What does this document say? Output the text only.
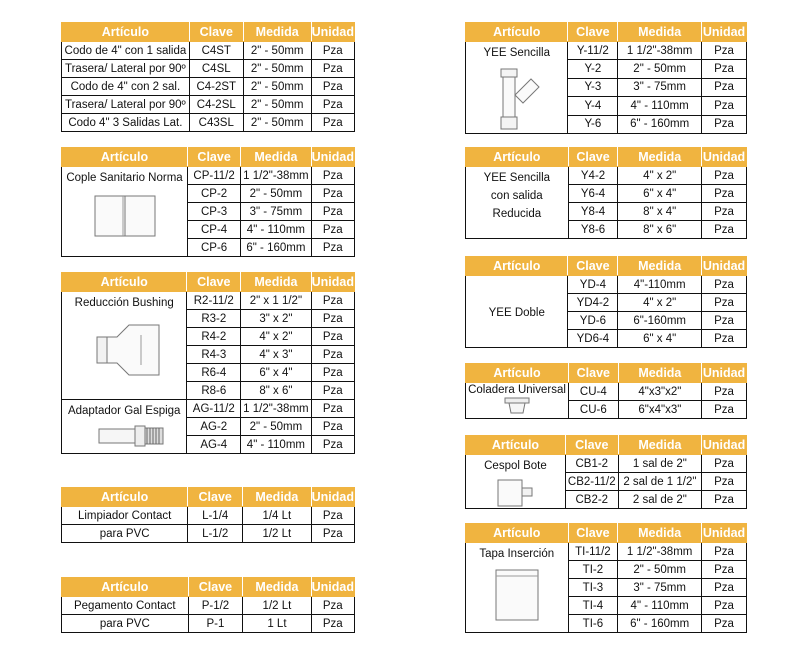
Artículo	Clave	Medida	Unidad
Codo de 4" con 1 salida	C4ST	2" - 50mm	Pza
Trasera/ Lateral por 90º	C4SL	2" - 50mm	Pza
Codo de 4" con 2 sal.	C4-2ST	2" - 50mm	Pza
Trasera/ Lateral por 90º	C4-2SL	2" - 50mm	Pza
Codo 4" 3 Salidas Lat.	C43SL	2" - 50mm	Pza
Artículo	Clave	Medida	Unidad
Cople Sanitario Norma	CP-11/2	1 1/2"-38mm	Pza
	CP-2	2" - 50mm	Pza
	CP-3	3" - 75mm	Pza
	CP-4	4" - 110mm	Pza
	CP-6	6" - 160mm	Pza
Artículo	Clave	Medida	Unidad
Reducción Bushing	R2-11/2	2" x 1 1/2"	Pza
	R3-2	3" x 2"	Pza
	R4-2	4" x 2"	Pza
	R4-3	4" x 3"	Pza
	R6-4	6" x 4"	Pza
	R8-6	8" x 6"	Pza
Adaptador Gal Espiga	AG-11/2	1 1/2"-38mm	Pza
	AG-2	2" - 50mm	Pza
	AG-4	4" - 110mm	Pza
Artículo	Clave	Medida	Unidad
Limpiador Contact	L-1/4	1/4 Lt	Pza
para PVC	L-1/2	1/2 Lt	Pza
Artículo	Clave	Medida	Unidad
Pegamento Contact	P-1/2	1/2 Lt	Pza
para PVC	P-1	1 Lt	Pza
Artículo	Clave	Medida	Unidad
YEE Sencilla	Y-11/2	1 1/2"-38mm	Pza
	Y-2	2" - 50mm	Pza
	Y-3	3" - 75mm	Pza
	Y-4	4" - 110mm	Pza
	Y-6	6" - 160mm	Pza
Artículo	Clave	Medida	Unidad

YEE Sencilla
con salida
Reducida	Y4-2	4" x 2"	Pza
	Y6-4	6" x 4"	Pza
	Y8-4	8" x 4"	Pza
	Y8-6	8" x 6"	Pza
Artículo	Clave	Medida	Unidad
YEE Doble	YD-4	4"-110mm	Pza
	YD4-2	4" x 2"	Pza
	YD-6	6"-160mm	Pza
	YD6-4	6" x 4"	Pza
Artículo	Clave	Medida	Unidad
Coladera Universal	CU-4	4"x3"x2"	Pza
	CU-6	6"x4"x3"	Pza
Artículo	Clave	Medida	Unidad
Cespol Bote	CB1-2	1 sal de 2"	Pza
	CB2-11/2	2 sal de 1 1/2"	Pza
	CB2-2	2 sal de 2"	Pza
Artículo	Clave	Medida	Unidad
Tapa Inserción	TI-11/2	1 1/2"-38mm	Pza
	TI-2	2" - 50mm	Pza
	TI-3	3" - 75mm	Pza
	TI-4	4" - 110mm	Pza
	TI-6	6" - 160mm	Pza
